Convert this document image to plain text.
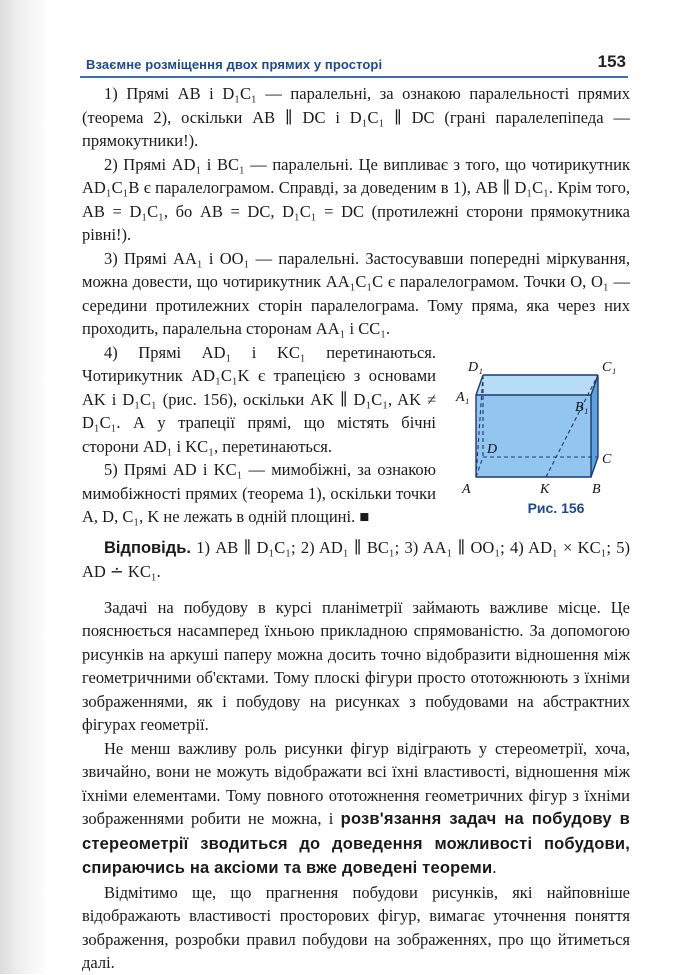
Взаємне розміщення двох прямих у просторі	153

1) Прямі AB і D₁C₁ — паралельні, за ознакою паралельності прямих (теорема 2), оскільки AB ∥ DC і D₁C₁ ∥ DC (грані паралелепіпеда — прямокутники!).

2) Прямі AD₁ і BC₁ — паралельні. Це випливає з того, що чотирикутник AD₁C₁B є паралелограмом. Справді, за доведеним в 1), AB ∥ D₁C₁. Крім того, AB = D₁C₁, бо AB = DC, D₁C₁ = DC (протилежні сторони прямокутника рівні!).

3) Прямі AA₁ і OO₁ — паралельні. Застосувавши попередні міркування, можна довести, що чотирикутник AA₁C₁C є паралелограмом. Точки O, O₁ — середини протилежних сторін паралелограма. Тому пряма, яка через них проходить, паралельна сторонам AA₁ і CC₁.

D₁	C₁
A₁
B₁
D
C
A	K	B
Рис. 156

4) Прямі AD₁ і KC₁ перетинаються. Чотирикутник AD₁C₁K є трапецією з основами AK і D₁C₁ (рис. 156), оскільки AK ∥ D₁C₁, AK ≠ D₁C₁. А у трапеції прямі, що містять бічні сторони AD₁ і KC₁, перетинаються.

5) Прямі AD і KC₁ — мимобіжні, за ознакою мимобіжності прямих (теорема 1), оскільки точки A, D, C₁, K не лежать в одній площині. ■

Відповідь. 1) AB ∥ D₁C₁; 2) AD₁ ∥ BC₁; 3) AA₁ ∥ OO₁; 4) AD₁ × KC₁; 5) AD ∸ KC₁.

Задачі на побудову в курсі планіметрії займають важливе місце. Це пояснюється насамперед їхньою прикладною спрямованістю. За допомогою рисунків на аркуші паперу можна досить точно відобразити відношення між геометричними об'єктами. Тому плоскі фігури просто ототожнюють з їхніми зображеннями, як і побудову на рисунках з побудовами на абстрактних фігурах геометрії.

Не менш важливу роль рисунки фігур відіграють у стереометрії, хоча, звичайно, вони не можуть відображати всі їхні властивості, відношення між їхніми елементами. Тому повного ототожнення геометричних фігур з їхніми зображеннями робити не можна, і розв'язання задач на побудову в стереометрії зводиться до доведення можливості побудови, спираючись на аксіоми та вже доведені теореми.

Відмітимо ще, що прагнення побудови рисунків, які найповніше відображають властивості просторових фігур, вимагає уточнення поняття зображення, розробки правил побудови на зображеннях, про що йтиметься далі.
